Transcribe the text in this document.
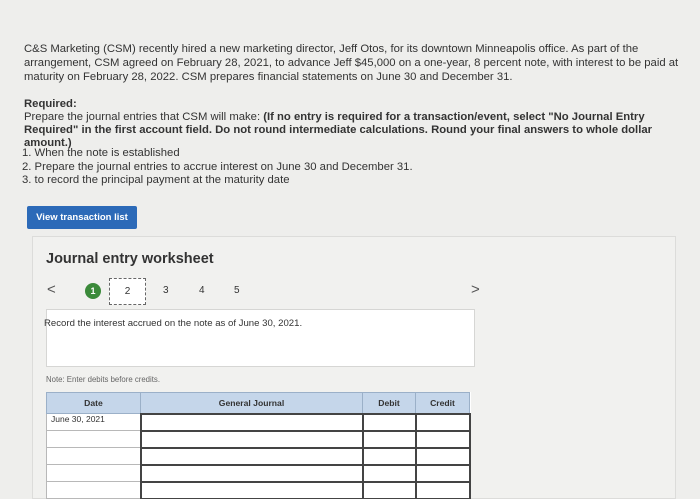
C&S Marketing (CSM) recently hired a new marketing director, Jeff Otos, for its downtown Minneapolis office. As part of the arrangement, CSM agreed on February 28, 2021, to advance Jeff $45,000 on a one-year, 8 percent note, with interest to be paid at maturity on February 28, 2022. CSM prepares financial statements on June 30 and December 31.
Required:
Prepare the journal entries that CSM will make: (If no entry is required for a transaction/event, select "No Journal Entry Required" in the first account field. Do not round intermediate calculations. Round your final answers to whole dollar amount.)
1. When the note is established
2. Prepare the journal entries to accrue interest on June 30 and December 31.
3. to record the principal payment at the maturity date
View transaction list
Journal entry worksheet
<	1	2	3	4	5	>
Record the interest accrued on the note as of June 30, 2021.
Note: Enter debits before credits.
Date	General Journal	Debit	Credit
June 30, 2021			
